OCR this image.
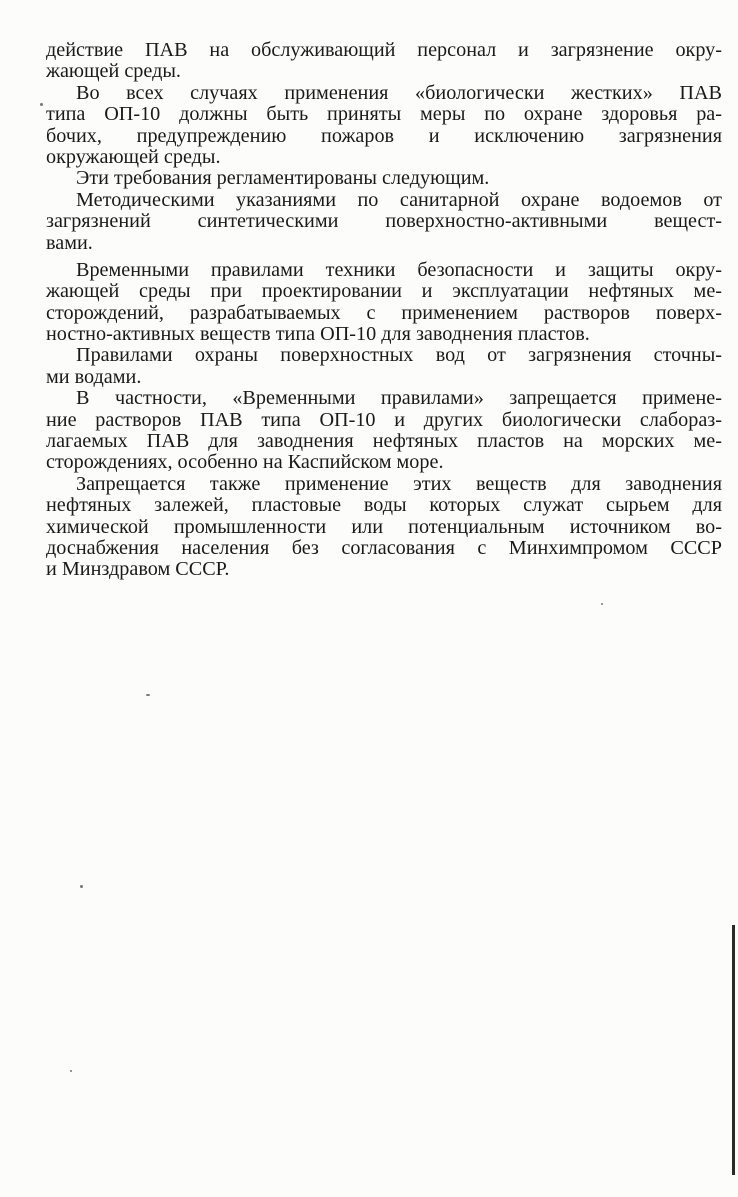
действие ПАВ на обслуживающий персонал и загрязнение окру-
жающей среды.
Во всех случаях применения «биологически жестких» ПАВ
типа ОП-10 должны быть приняты меры по охране здоровья ра-
бочих, предупреждению пожаров и исключению загрязнения
окружающей среды.
Эти требования регламентированы следующим.
Методическими указаниями по санитарной охране водоемов от
загрязнений синтетическими поверхностно-активными вещест-
вами.
Временными правилами техники безопасности и защиты окру-
жающей среды при проектировании и эксплуатации нефтяных ме-
сторождений, разрабатываемых с применением растворов поверх-
ностно-активных веществ типа ОП-10 для заводнения пластов.
Правилами охраны поверхностных вод от загрязнения сточны-
ми водами.
В частности, «Временными правилами» запрещается примене-
ние растворов ПАВ типа ОП-10 и других биологически слабораз-
лагаемых ПАВ для заводнения нефтяных пластов на морских ме-
сторождениях, особенно на Каспийском море.
Запрещается также применение этих веществ для заводнения
нефтяных залежей, пластовые воды которых служат сырьем для
химической промышленности или потенциальным источником во-
доснабжения населения без согласования с Минхимпромом СССР
и Минздравом СССР.
